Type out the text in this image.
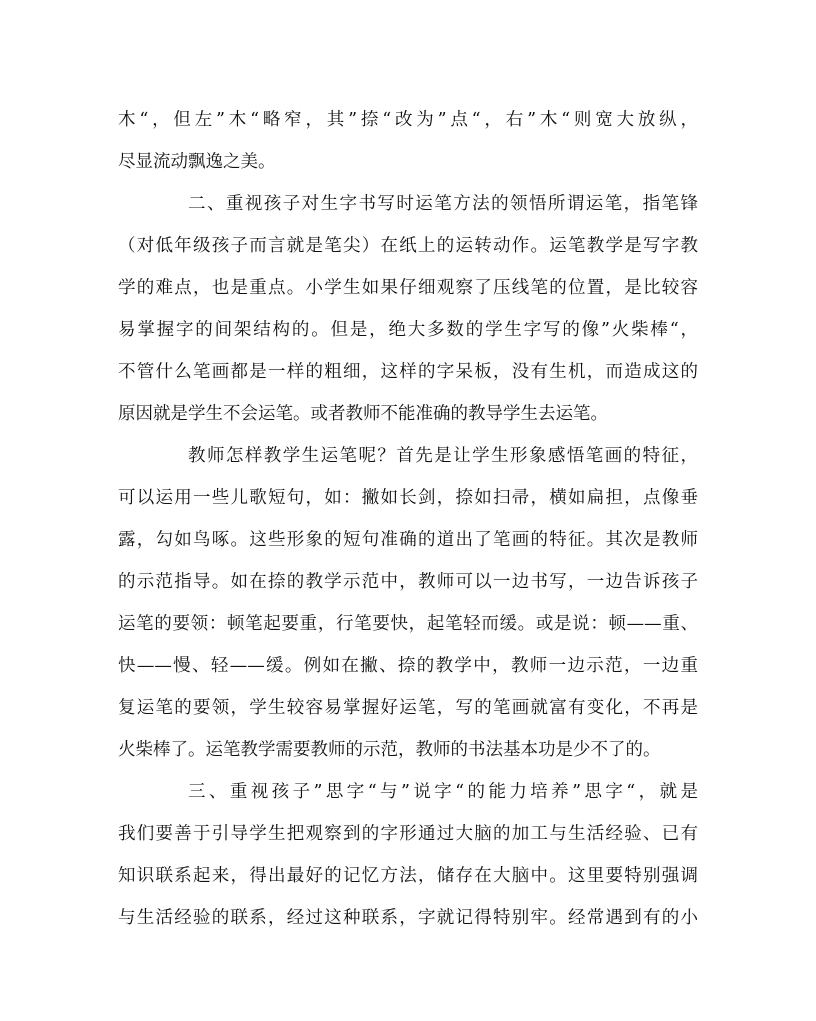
木“，但左”木“略窄，其”捺“改为”点“，右”木“则宽大放纵，
尽显流动飘逸之美。
二、重视孩子对生字书写时运笔方法的领悟所谓运笔，指笔锋
（对低年级孩子而言就是笔尖）在纸上的运转动作。运笔教学是写字教
学的难点，也是重点。小学生如果仔细观察了压线笔的位置，是比较容
易掌握字的间架结构的。但是，绝大多数的学生字写的像”火柴棒“，
不管什么笔画都是一样的粗细，这样的字呆板，没有生机，而造成这的
原因就是学生不会运笔。或者教师不能准确的教导学生去运笔。
教师怎样教学生运笔呢？首先是让学生形象感悟笔画的特征，
可以运用一些儿歌短句，如：撇如长剑，捺如扫帚，横如扁担，点像垂
露，勾如鸟啄。这些形象的短句准确的道出了笔画的特征。其次是教师
的示范指导。如在捺的教学示范中，教师可以一边书写，一边告诉孩子
运笔的要领：顿笔起要重，行笔要快，起笔轻而缓。或是说：顿——重、
快——慢、轻——缓。例如在撇、捺的教学中，教师一边示范，一边重
复运笔的要领，学生较容易掌握好运笔，写的笔画就富有变化，不再是
火柴棒了。运笔教学需要教师的示范，教师的书法基本功是少不了的。
三、重视孩子”思字“与”说字“的能力培养”思字“，就是
我们要善于引导学生把观察到的字形通过大脑的加工与生活经验、已有
知识联系起来，得出最好的记忆方法，储存在大脑中。这里要特别强调
与生活经验的联系，经过这种联系，字就记得特别牢。经常遇到有的小
